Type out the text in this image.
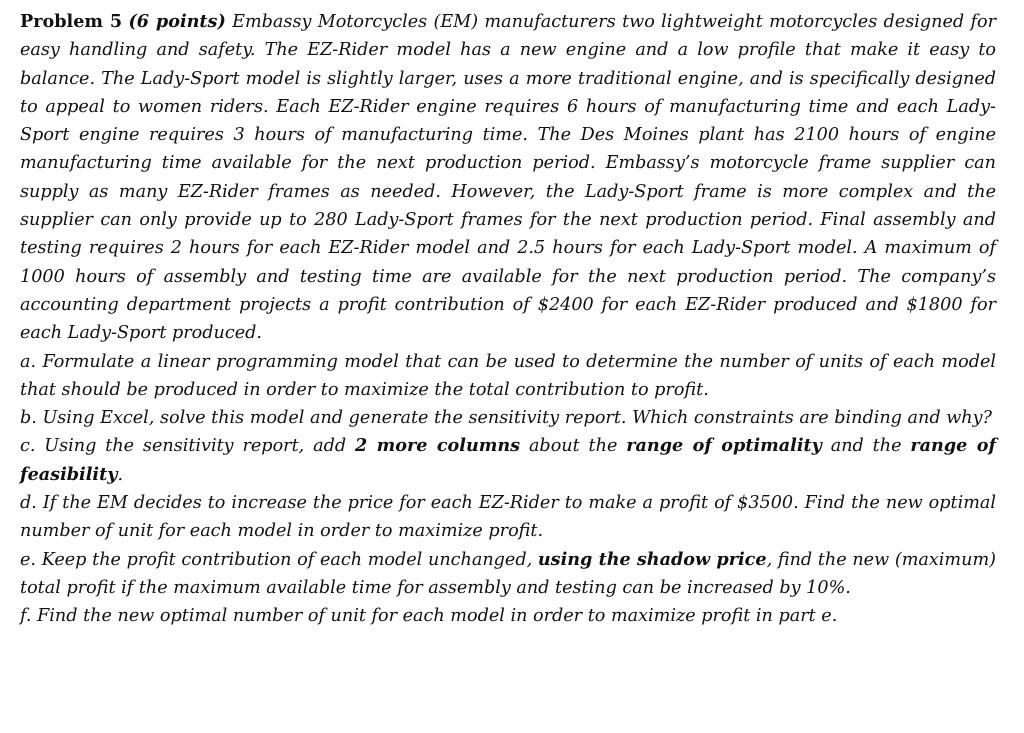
Problem 5 (6 points) Embassy Motorcycles (EM) manufacturers two lightweight motorcycles designed for easy handling and safety. The EZ-Rider model has a new engine and a low profile that make it easy to balance. The Lady-Sport model is slightly larger, uses a more traditional engine, and is specifically designed to appeal to women riders. Each EZ-Rider engine requires 6 hours of manufacturing time and each Lady-Sport engine requires 3 hours of manufacturing time. The Des Moines plant has 2100 hours of engine manufacturing time available for the next production period. Embassy’s motorcycle frame supplier can supply as many EZ-Rider frames as needed. However, the Lady-Sport frame is more complex and the supplier can only provide up to 280 Lady-Sport frames for the next production period. Final assembly and testing requires 2 hours for each EZ-Rider model and 2.5 hours for each Lady-Sport model. A maximum of 1000 hours of assembly and testing time are available for the next production period. The company’s accounting department projects a profit contribution of $2400 for each EZ-Rider produced and $1800 for each Lady-Sport produced.

a. Formulate a linear programming model that can be used to determine the number of units of each model that should be produced in order to maximize the total contribution to profit.

b. Using Excel, solve this model and generate the sensitivity report. Which constraints are binding and why?

c. Using the sensitivity report, add 2 more columns about the range of optimality and the range of feasibility.

d. If the EM decides to increase the price for each EZ-Rider to make a profit of $3500. Find the new optimal number of unit for each model in order to maximize profit.

e. Keep the profit contribution of each model unchanged, using the shadow price, find the new (maximum) total profit if the maximum available time for assembly and testing can be increased by 10%.

f. Find the new optimal number of unit for each model in order to maximize profit in part e.
